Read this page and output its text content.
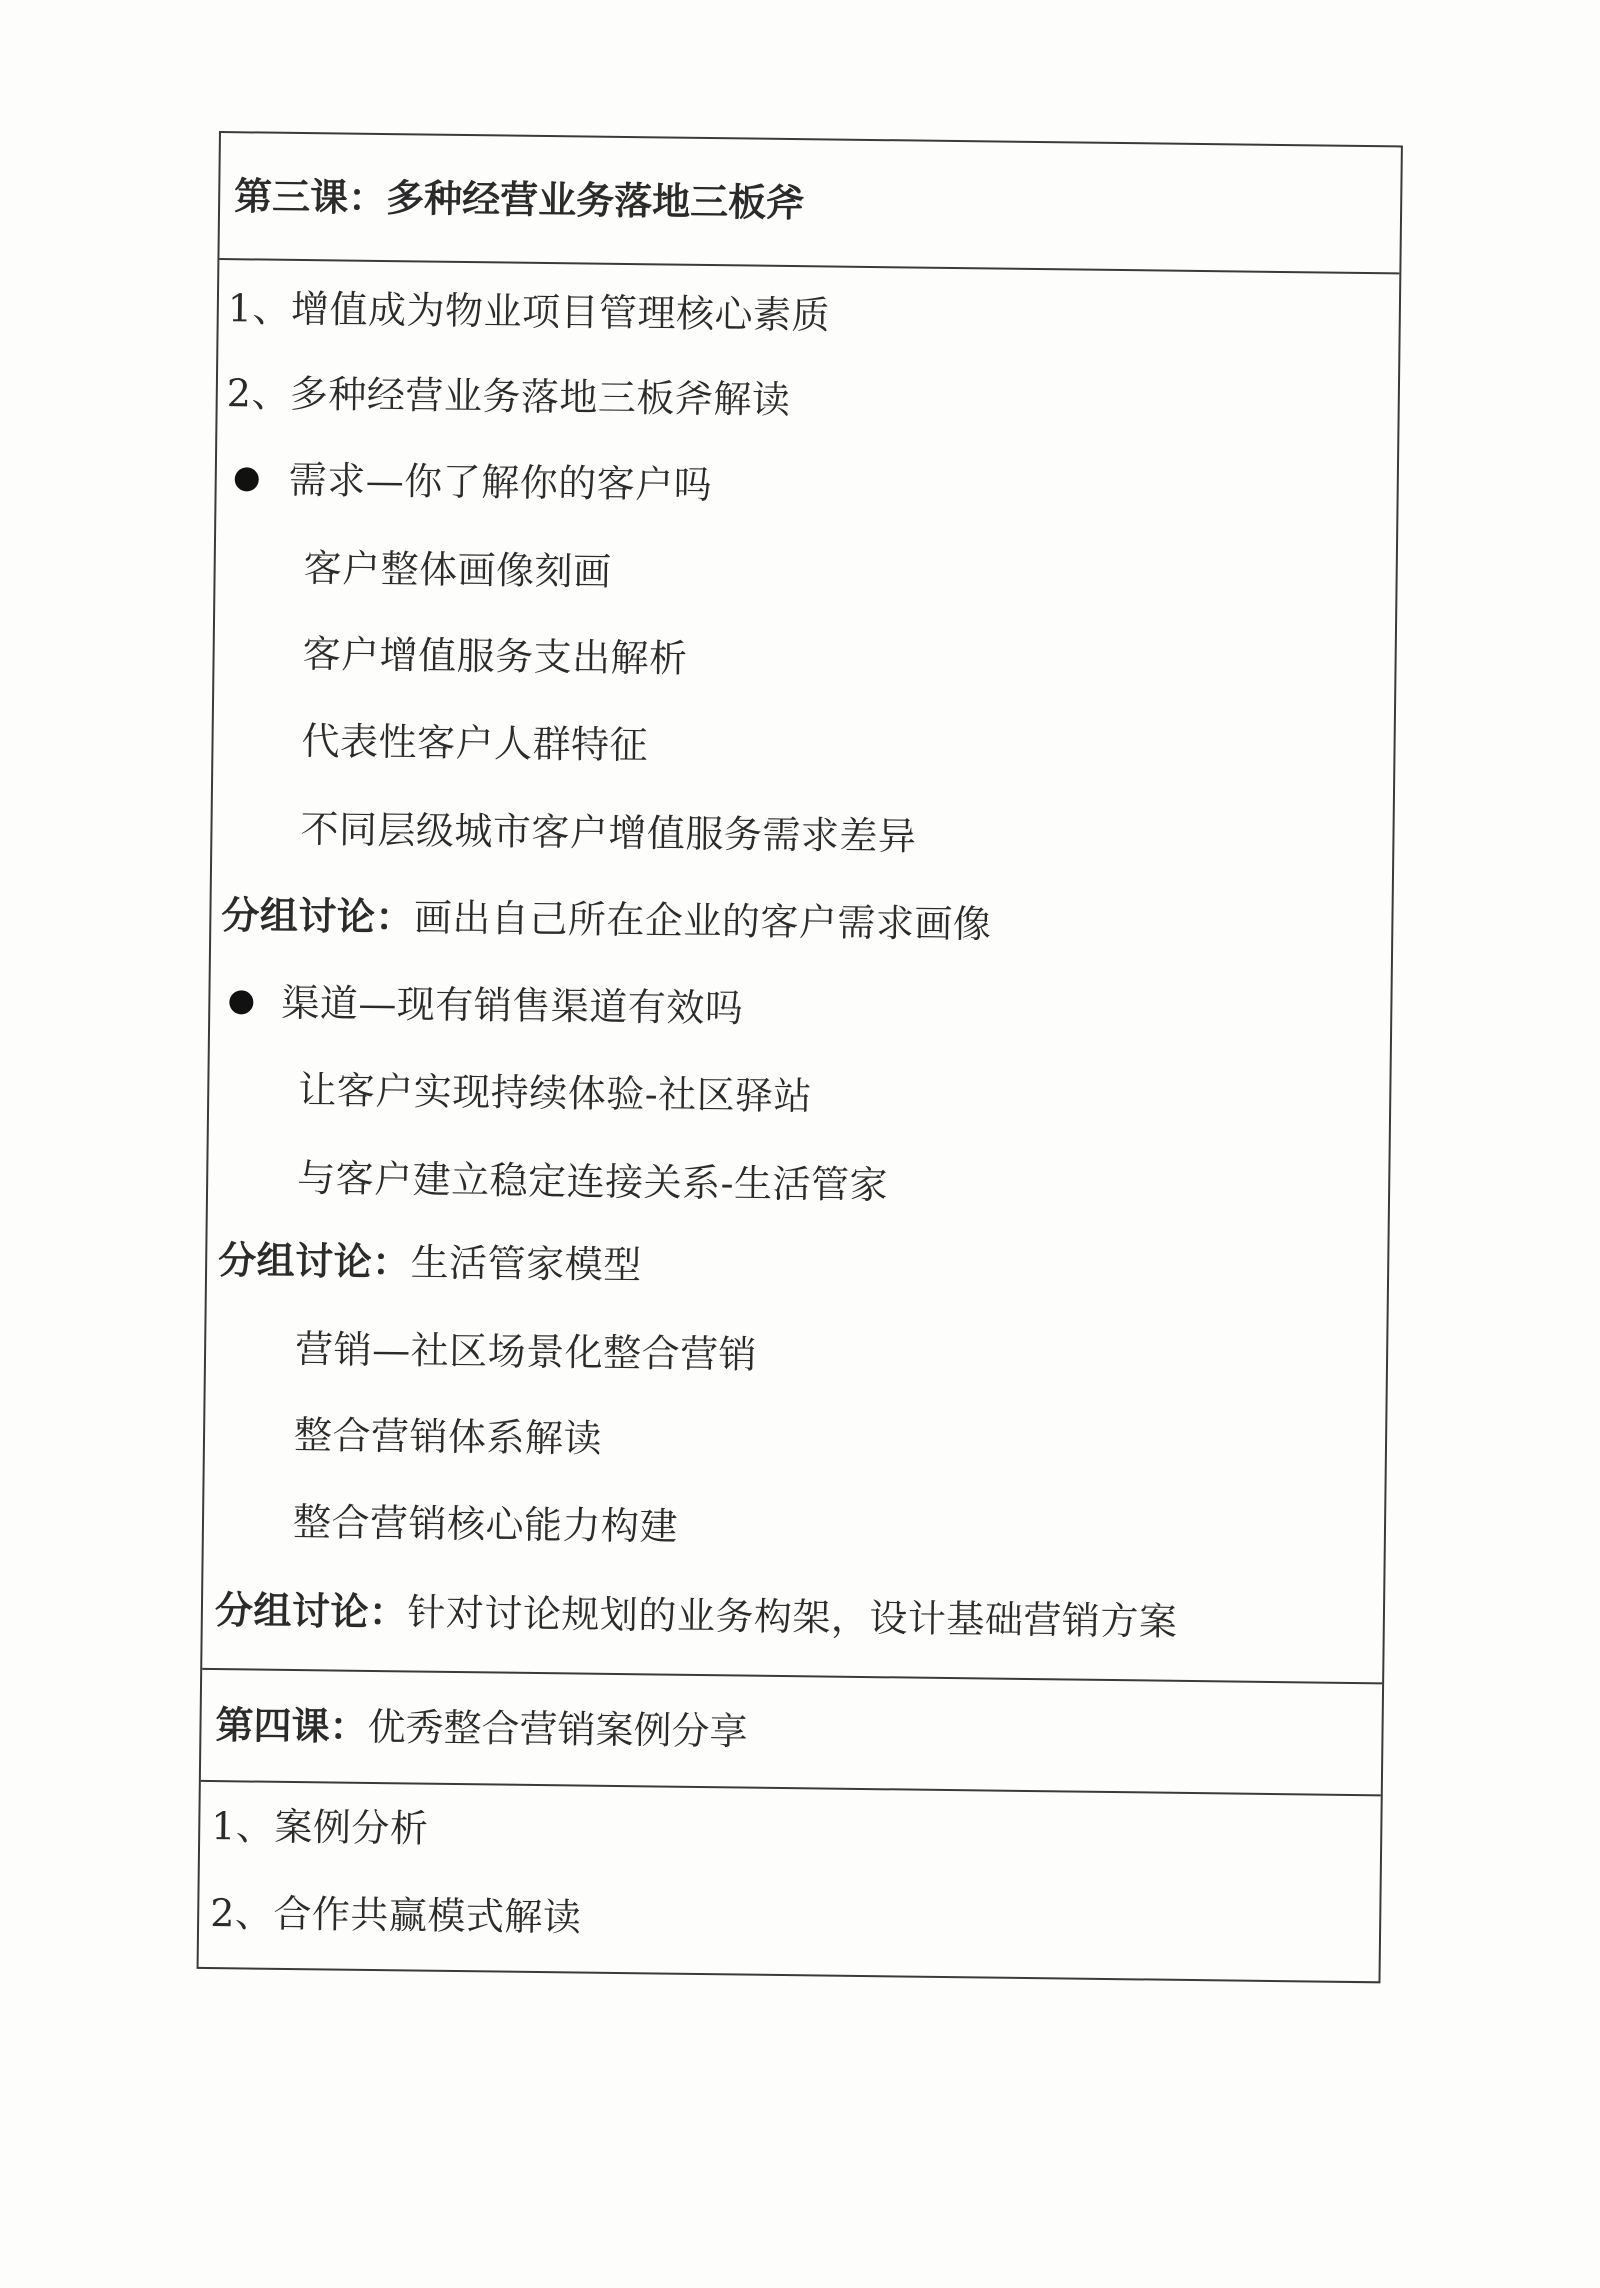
第三课：多种经营业务落地三板斧
1、增值成为物业项目管理核心素质
2、多种经营业务落地三板斧解读
需求—你了解你的客户吗
客户整体画像刻画
客户增值服务支出解析
代表性客户人群特征
不同层级城市客户增值服务需求差异
分组讨论：画出自己所在企业的客户需求画像
渠道—现有销售渠道有效吗
让客户实现持续体验-社区驿站
与客户建立稳定连接关系-生活管家
分组讨论：生活管家模型
营销—社区场景化整合营销
整合营销体系解读
整合营销核心能力构建
分组讨论：针对讨论规划的业务构架，设计基础营销方案
第四课：优秀整合营销案例分享
1、案例分析
2、合作共赢模式解读
